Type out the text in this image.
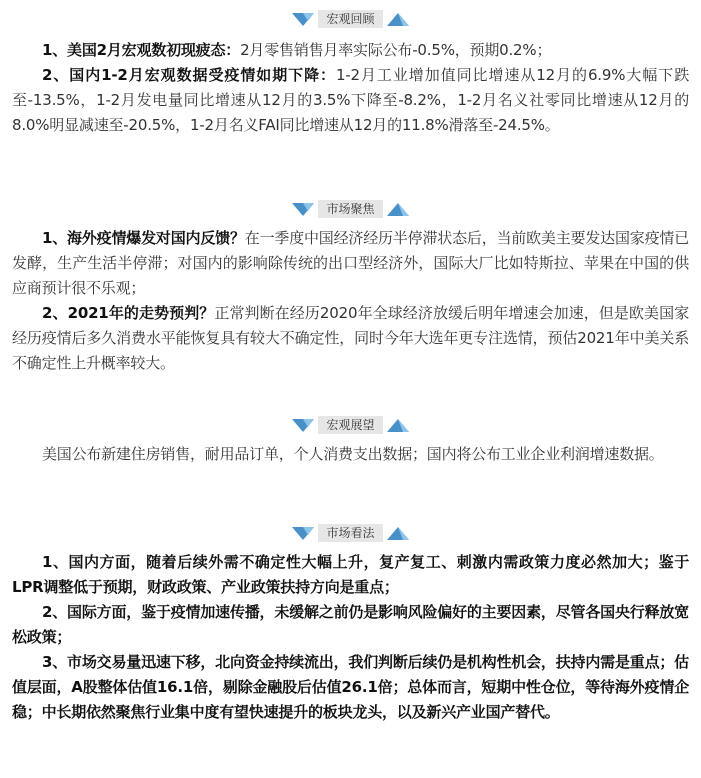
宏观回顾

1、美国2月宏观数初现疲态：2月零售销售月率实际公布-0.5%，预期0.2%；

2、国内1-2月宏观数据受疫情如期下降：1-2月工业增加值同比增速从12月的6.9%大幅下跌至-13.5%，1-2月发电量同比增速从12月的3.5%下降至-8.2%，1-2月名义社零同比增速从12月的8.0%明显减速至-20.5%，1-2月名义FAI同比增速从12月的11.8%滑落至-24.5%。

市场聚焦

1、海外疫情爆发对国内反馈？在一季度中国经济经历半停滞状态后，当前欧美主要发达国家疫情已发酵，生产生活半停滞；对国内的影响除传统的出口型经济外，国际大厂比如特斯拉、苹果在中国的供应商预计很不乐观；

2、2021年的走势预判？正常判断在经历2020年全球经济放缓后明年增速会加速，但是欧美国家经历疫情后多久消费水平能恢复具有较大不确定性，同时今年大选年更专注选情，预估2021年中美关系不确定性上升概率较大。

宏观展望

美国公布新建住房销售，耐用品订单，个人消费支出数据；国内将公布工业企业利润增速数据。

市场看法

1、国内方面，随着后续外需不确定性大幅上升，复产复工、刺激内需政策力度必然加大；鉴于LPR调整低于预期，财政政策、产业政策扶持方向是重点；

2、国际方面，鉴于疫情加速传播，未缓解之前仍是影响风险偏好的主要因素，尽管各国央行释放宽松政策；

3、市场交易量迅速下移，北向资金持续流出，我们判断后续仍是机构性机会，扶持内需是重点；估值层面，A股整体估值16.1倍，剔除金融股后估值26.1倍；总体而言，短期中性仓位，等待海外疫情企稳；中长期依然聚焦行业集中度有望快速提升的板块龙头，以及新兴产业国产替代。
